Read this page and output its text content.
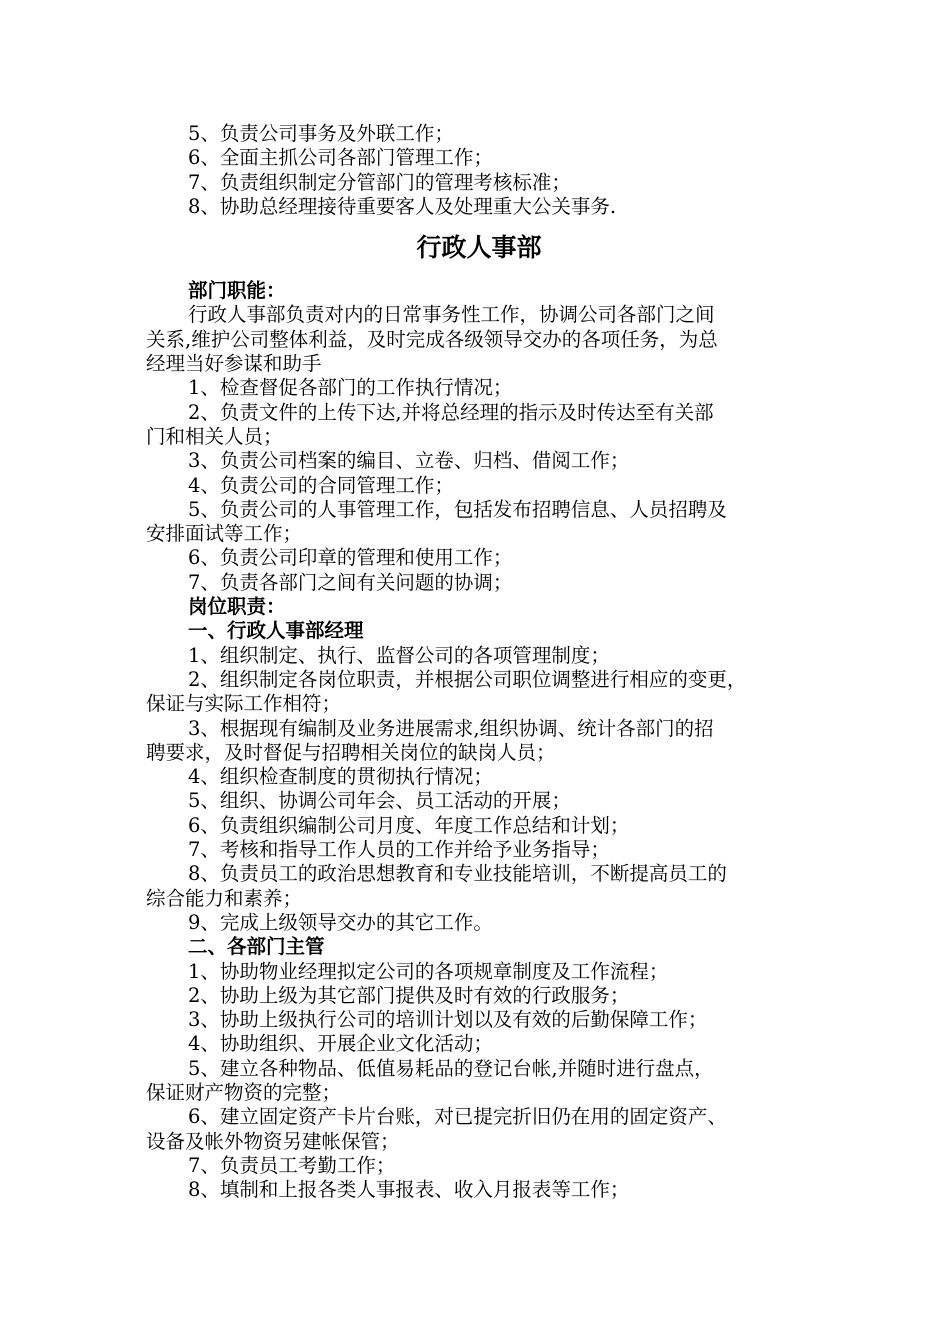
5、负责公司事务及外联工作；

6、全面主抓公司各部门管理工作；

7、负责组织制定分管部门的管理考核标准；

8、协助总经理接待重要客人及处理重大公关事务.

行政人事部

部门职能：

行政人事部负责对内的日常事务性工作，协调公司各部门之间

关系,维护公司整体利益，及时完成各级领导交办的各项任务，为总

经理当好参谋和助手

1、检查督促各部门的工作执行情况；

2、负责文件的上传下达,并将总经理的指示及时传达至有关部

门和相关人员；

3、负责公司档案的编目、立卷、归档、借阅工作；

4、负责公司的合同管理工作；

5、负责公司的人事管理工作，包括发布招聘信息、人员招聘及

安排面试等工作；

6、负责公司印章的管理和使用工作；

7、负责各部门之间有关问题的协调；

岗位职责：

一、行政人事部经理

1、组织制定、执行、监督公司的各项管理制度；

2、组织制定各岗位职责，并根据公司职位调整进行相应的变更，

保证与实际工作相符；

3、根据现有编制及业务进展需求,组织协调、统计各部门的招

聘要求，及时督促与招聘相关岗位的缺岗人员；

4、组织检查制度的贯彻执行情况；

5、组织、协调公司年会、员工活动的开展；

6、负责组织编制公司月度、年度工作总结和计划；

7、考核和指导工作人员的工作并给予业务指导；

8、负责员工的政治思想教育和专业技能培训，不断提高员工的

综合能力和素养；

9、完成上级领导交办的其它工作。

二、各部门主管

1、协助物业经理拟定公司的各项规章制度及工作流程；

2、协助上级为其它部门提供及时有效的行政服务；

3、协助上级执行公司的培训计划以及有效的后勤保障工作；

4、协助组织、开展企业文化活动；

5、建立各种物品、低值易耗品的登记台帐,并随时进行盘点，

保证财产物资的完整；

6、建立固定资产卡片台账，对已提完折旧仍在用的固定资产、

设备及帐外物资另建帐保管；

7、负责员工考勤工作；

8、填制和上报各类人事报表、收入月报表等工作；
